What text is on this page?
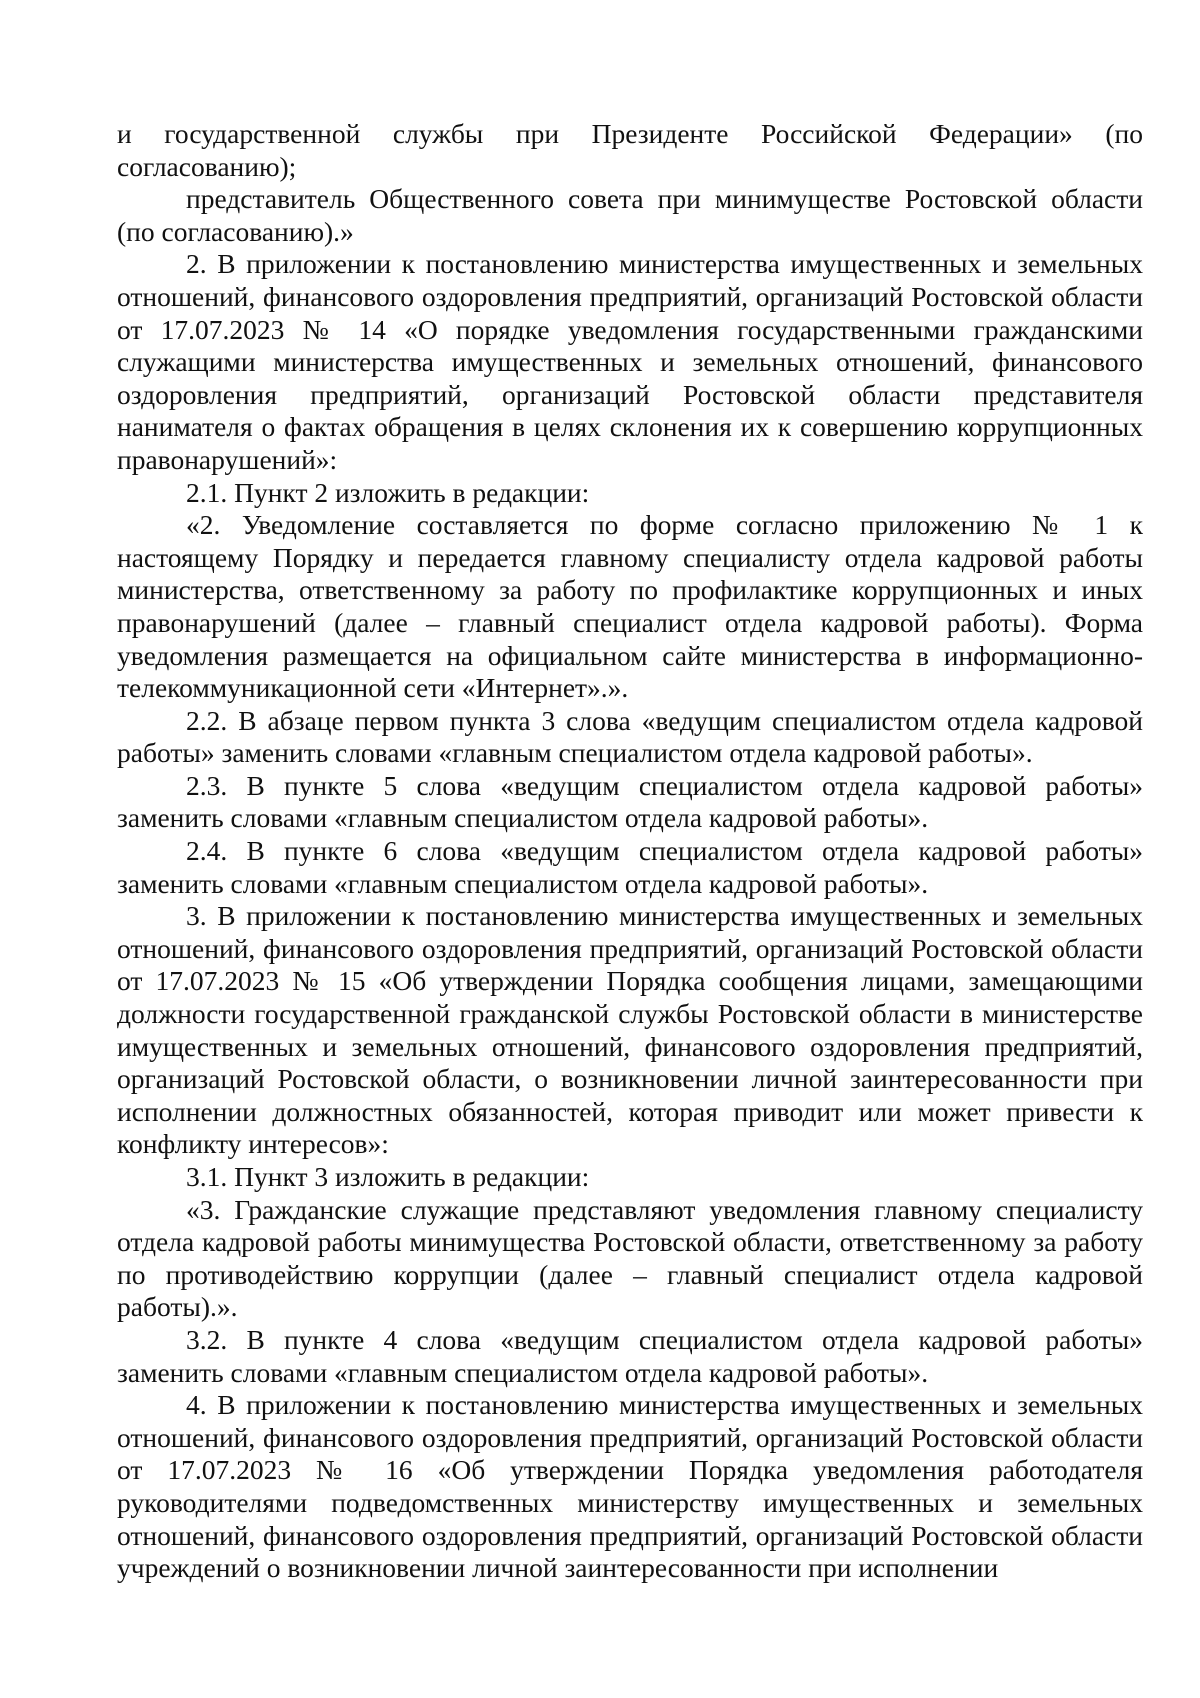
и государственной службы при Президенте Российской Федерации» (по согласованию);

представитель Общественного совета при минимуществе Ростовской области (по согласованию).»

2. В приложении к постановлению министерства имущественных и земельных отношений, финансового оздоровления предприятий, организаций Ростовской области от 17.07.2023 № 14 «О порядке уведомления государственными гражданскими служащими министерства имущественных и земельных отношений, финансового оздоровления предприятий, организаций Ростовской области представителя нанимателя о фактах обращения в целях склонения их к совершению коррупционных правонарушений»:

2.1. Пункт 2 изложить в редакции:

«2. Уведомление составляется по форме согласно приложению № 1 к настоящему Порядку и передается главному специалисту отдела кадровой работы министерства, ответственному за работу по профилактике коррупционных и иных правонарушений (далее – главный специалист отдела кадровой работы). Форма уведомления размещается на официальном сайте министерства в информационно-телекоммуникационной сети «Интернет».».

2.2. В абзаце первом пункта 3 слова «ведущим специалистом отдела кадровой работы» заменить словами «главным специалистом отдела кадровой работы».

2.3. В пункте 5 слова «ведущим специалистом отдела кадровой работы» заменить словами «главным специалистом отдела кадровой работы».

2.4. В пункте 6 слова «ведущим специалистом отдела кадровой работы» заменить словами «главным специалистом отдела кадровой работы».

3. В приложении к постановлению министерства имущественных и земельных отношений, финансового оздоровления предприятий, организаций Ростовской области от 17.07.2023 № 15 «Об утверждении Порядка сообщения лицами, замещающими должности государственной гражданской службы Ростовской области в министерстве имущественных и земельных отношений, финансового оздоровления предприятий, организаций Ростовской области, о возникновении личной заинтересованности при исполнении должностных обязанностей, которая приводит или может привести к конфликту интересов»:

3.1. Пункт 3 изложить в редакции:

«3. Гражданские служащие представляют уведомления главному специалисту отдела кадровой работы минимущества Ростовской области, ответственному за работу по противодействию коррупции (далее – главный специалист отдела кадровой работы).».

3.2. В пункте 4 слова «ведущим специалистом отдела кадровой работы» заменить словами «главным специалистом отдела кадровой работы».

4. В приложении к постановлению министерства имущественных и земельных отношений, финансового оздоровления предприятий, организаций Ростовской области от 17.07.2023 № 16 «Об утверждении Порядка уведомления работодателя руководителями подведомственных министерству имущественных и земельных отношений, финансового оздоровления предприятий, организаций Ростовской области учреждений о возникновении личной заинтересованности при исполнении
